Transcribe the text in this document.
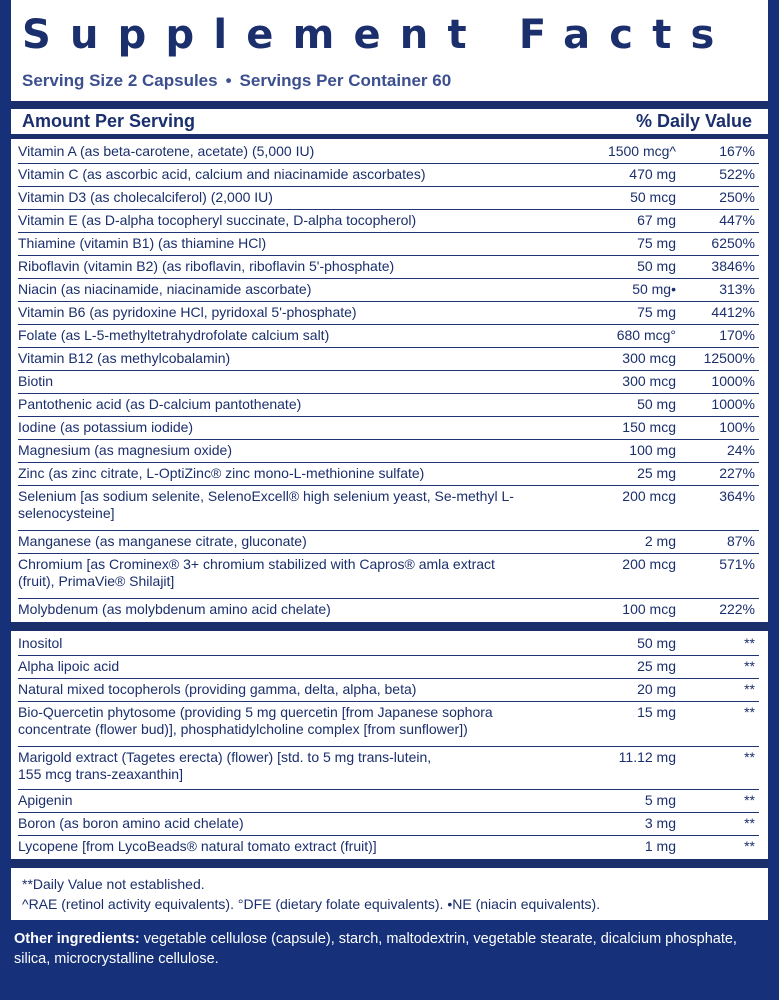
Supplement Facts
Serving Size 2 Capsules • Servings Per Container 60
Amount Per Serving	% Daily Value
Vitamin A (as beta-carotene, acetate) (5,000 IU)	1500 mcg^	167%
Vitamin C (as ascorbic acid, calcium and niacinamide ascorbates)	470 mg	522%
Vitamin D3 (as cholecalciferol) (2,000 IU)	50 mcg	250%
Vitamin E (as D-alpha tocopheryl succinate, D-alpha tocopherol)	67 mg	447%
Thiamine (vitamin B1) (as thiamine HCl)	75 mg	6250%
Riboflavin (vitamin B2) (as riboflavin, riboflavin 5'-phosphate)	50 mg	3846%
Niacin (as niacinamide, niacinamide ascorbate)	50 mg•	313%
Vitamin B6 (as pyridoxine HCl, pyridoxal 5'-phosphate)	75 mg	4412%
Folate (as L-5-methyltetrahydrofolate calcium salt)	680 mcg°	170%
Vitamin B12 (as methylcobalamin)	300 mcg 12500%
Biotin	300 mcg	1000%
Pantothenic acid (as D-calcium pantothenate)	50 mg	1000%
Iodine (as potassium iodide)	150 mcg	100%
Magnesium (as magnesium oxide)	100 mg	24%
Zinc (as zinc citrate, L-OptiZinc® zinc mono-L-methionine sulfate)	25 mg	227%
Selenium [as sodium selenite, SelenoExcell® high selenium yeast, Se-methyl L-selenocysteine]
200 mcg	364%
Manganese (as manganese citrate, gluconate)	2 mg	87%
Chromium [as Crominex® 3+ chromium stabilized with Capros® amla extract (fruit), PrimaVie® Shilajit]
200 mcg	571%
Molybdenum (as molybdenum amino acid chelate)	100 mcg	222%
Inositol	50 mg	**
Alpha lipoic acid	25 mg	**
Natural mixed tocopherols (providing gamma, delta, alpha, beta)	20 mg	**
Bio-Quercetin phytosome (providing 5 mg quercetin [from Japanese sophora concentrate (flower bud)], phosphatidylcholine complex [from sunflower])
15 mg	**
Marigold extract (Tagetes erecta) (flower) [std. to 5 mg trans-lutein, 155 mcg trans-zeaxanthin]
11.12 mg	**
Apigenin	5 mg	**
Boron (as boron amino acid chelate)	3 mg	**
Lycopene [from LycoBeads® natural tomato extract (fruit)]	1 mg	**
**Daily Value not established.
^RAE (retinol activity equivalents). °DFE (dietary folate equivalents). •NE (niacin equivalents).
Other ingredients: vegetable cellulose (capsule), starch, maltodextrin, vegetable stearate, dicalcium phosphate, silica, microcrystalline cellulose.
